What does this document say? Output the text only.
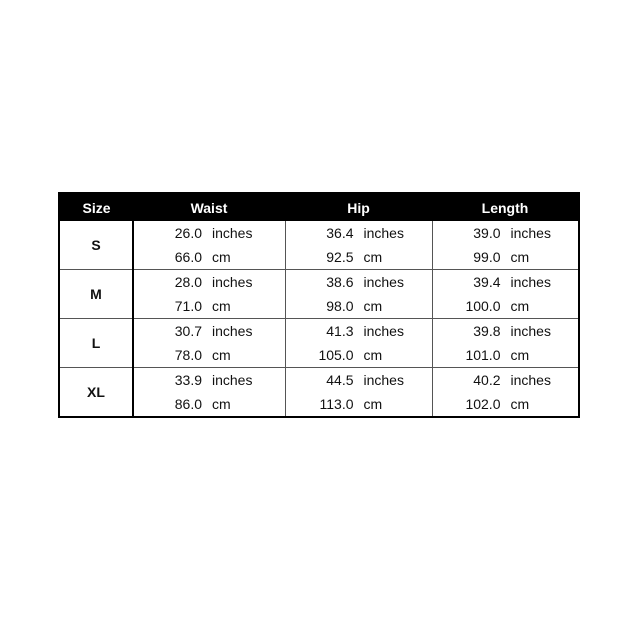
Size	Waist	Hip	Length
S	26.0 inches	36.4 inches	39.0 inches

	66.0 cm	92.5 cm	99.0 cm

M	28.0 inches	38.6 inches	39.4 inches

	71.0 cm	98.0 cm	100.0 cm

L	30.7 inches	41.3 inches	39.8 inches

	78.0 cm	105.0 cm	101.0 cm

XL	33.9 inches	44.5 inches	40.2 inches

	86.0 cm	113.0 cm	102.0 cm
